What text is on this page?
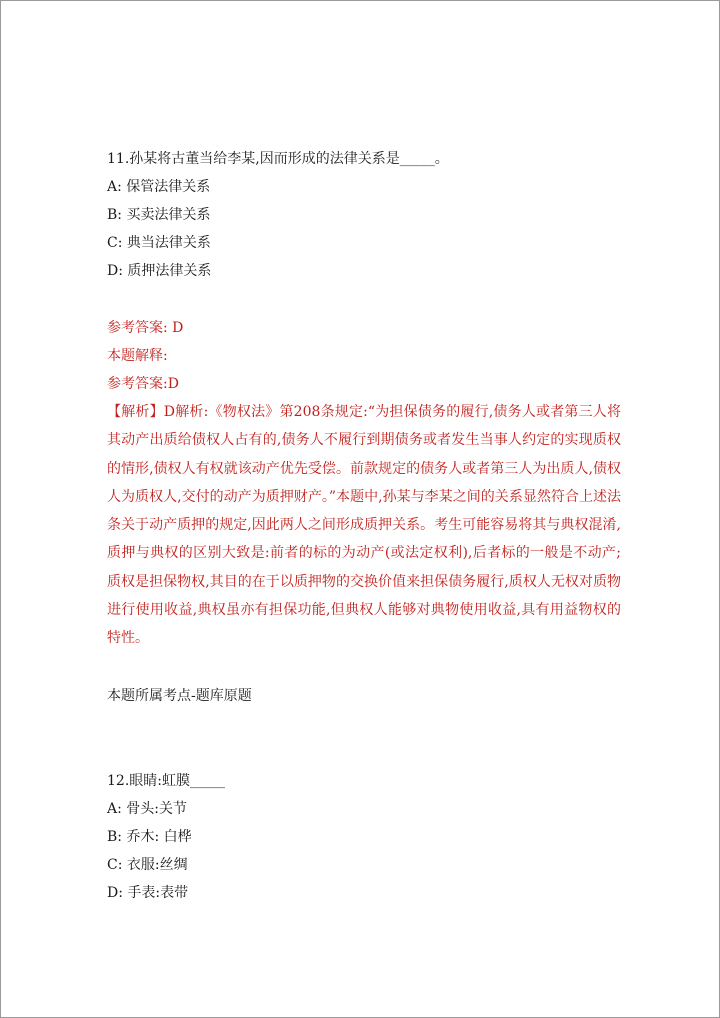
11.孙某将古董当给李某,因而形成的法律关系是_____。
A: 保管法律关系
B: 买卖法律关系
C: 典当法律关系
D: 质押法律关系
参考答案: D
本题解释:
参考答案:D
【解析】D解析:《物权法》第208条规定:“为担保债务的履行,债务人或者第三人将其动产出质给债权人占有的,债务人不履行到期债务或者发生当事人约定的实现质权的情形,债权人有权就该动产优先受偿。前款规定的债务人或者第三人为出质人,债权人为质权人,交付的动产为质押财产。”本题中,孙某与李某之间的关系显然符合上述法条关于动产质押的规定,因此两人之间形成质押关系。考生可能容易将其与典权混淆,质押与典权的区别大致是:前者的标的为动产(或法定权利),后者标的一般是不动产;质权是担保物权,其目的在于以质押物的交换价值来担保债务履行,质权人无权对质物进行使用收益,典权虽亦有担保功能,但典权人能够对典物使用收益,具有用益物权的特性。
本题所属考点-题库原题
12.眼睛:虹膜_____
A: 骨头:关节
B: 乔木: 白桦
C: 衣服:丝绸
D: 手表:表带
